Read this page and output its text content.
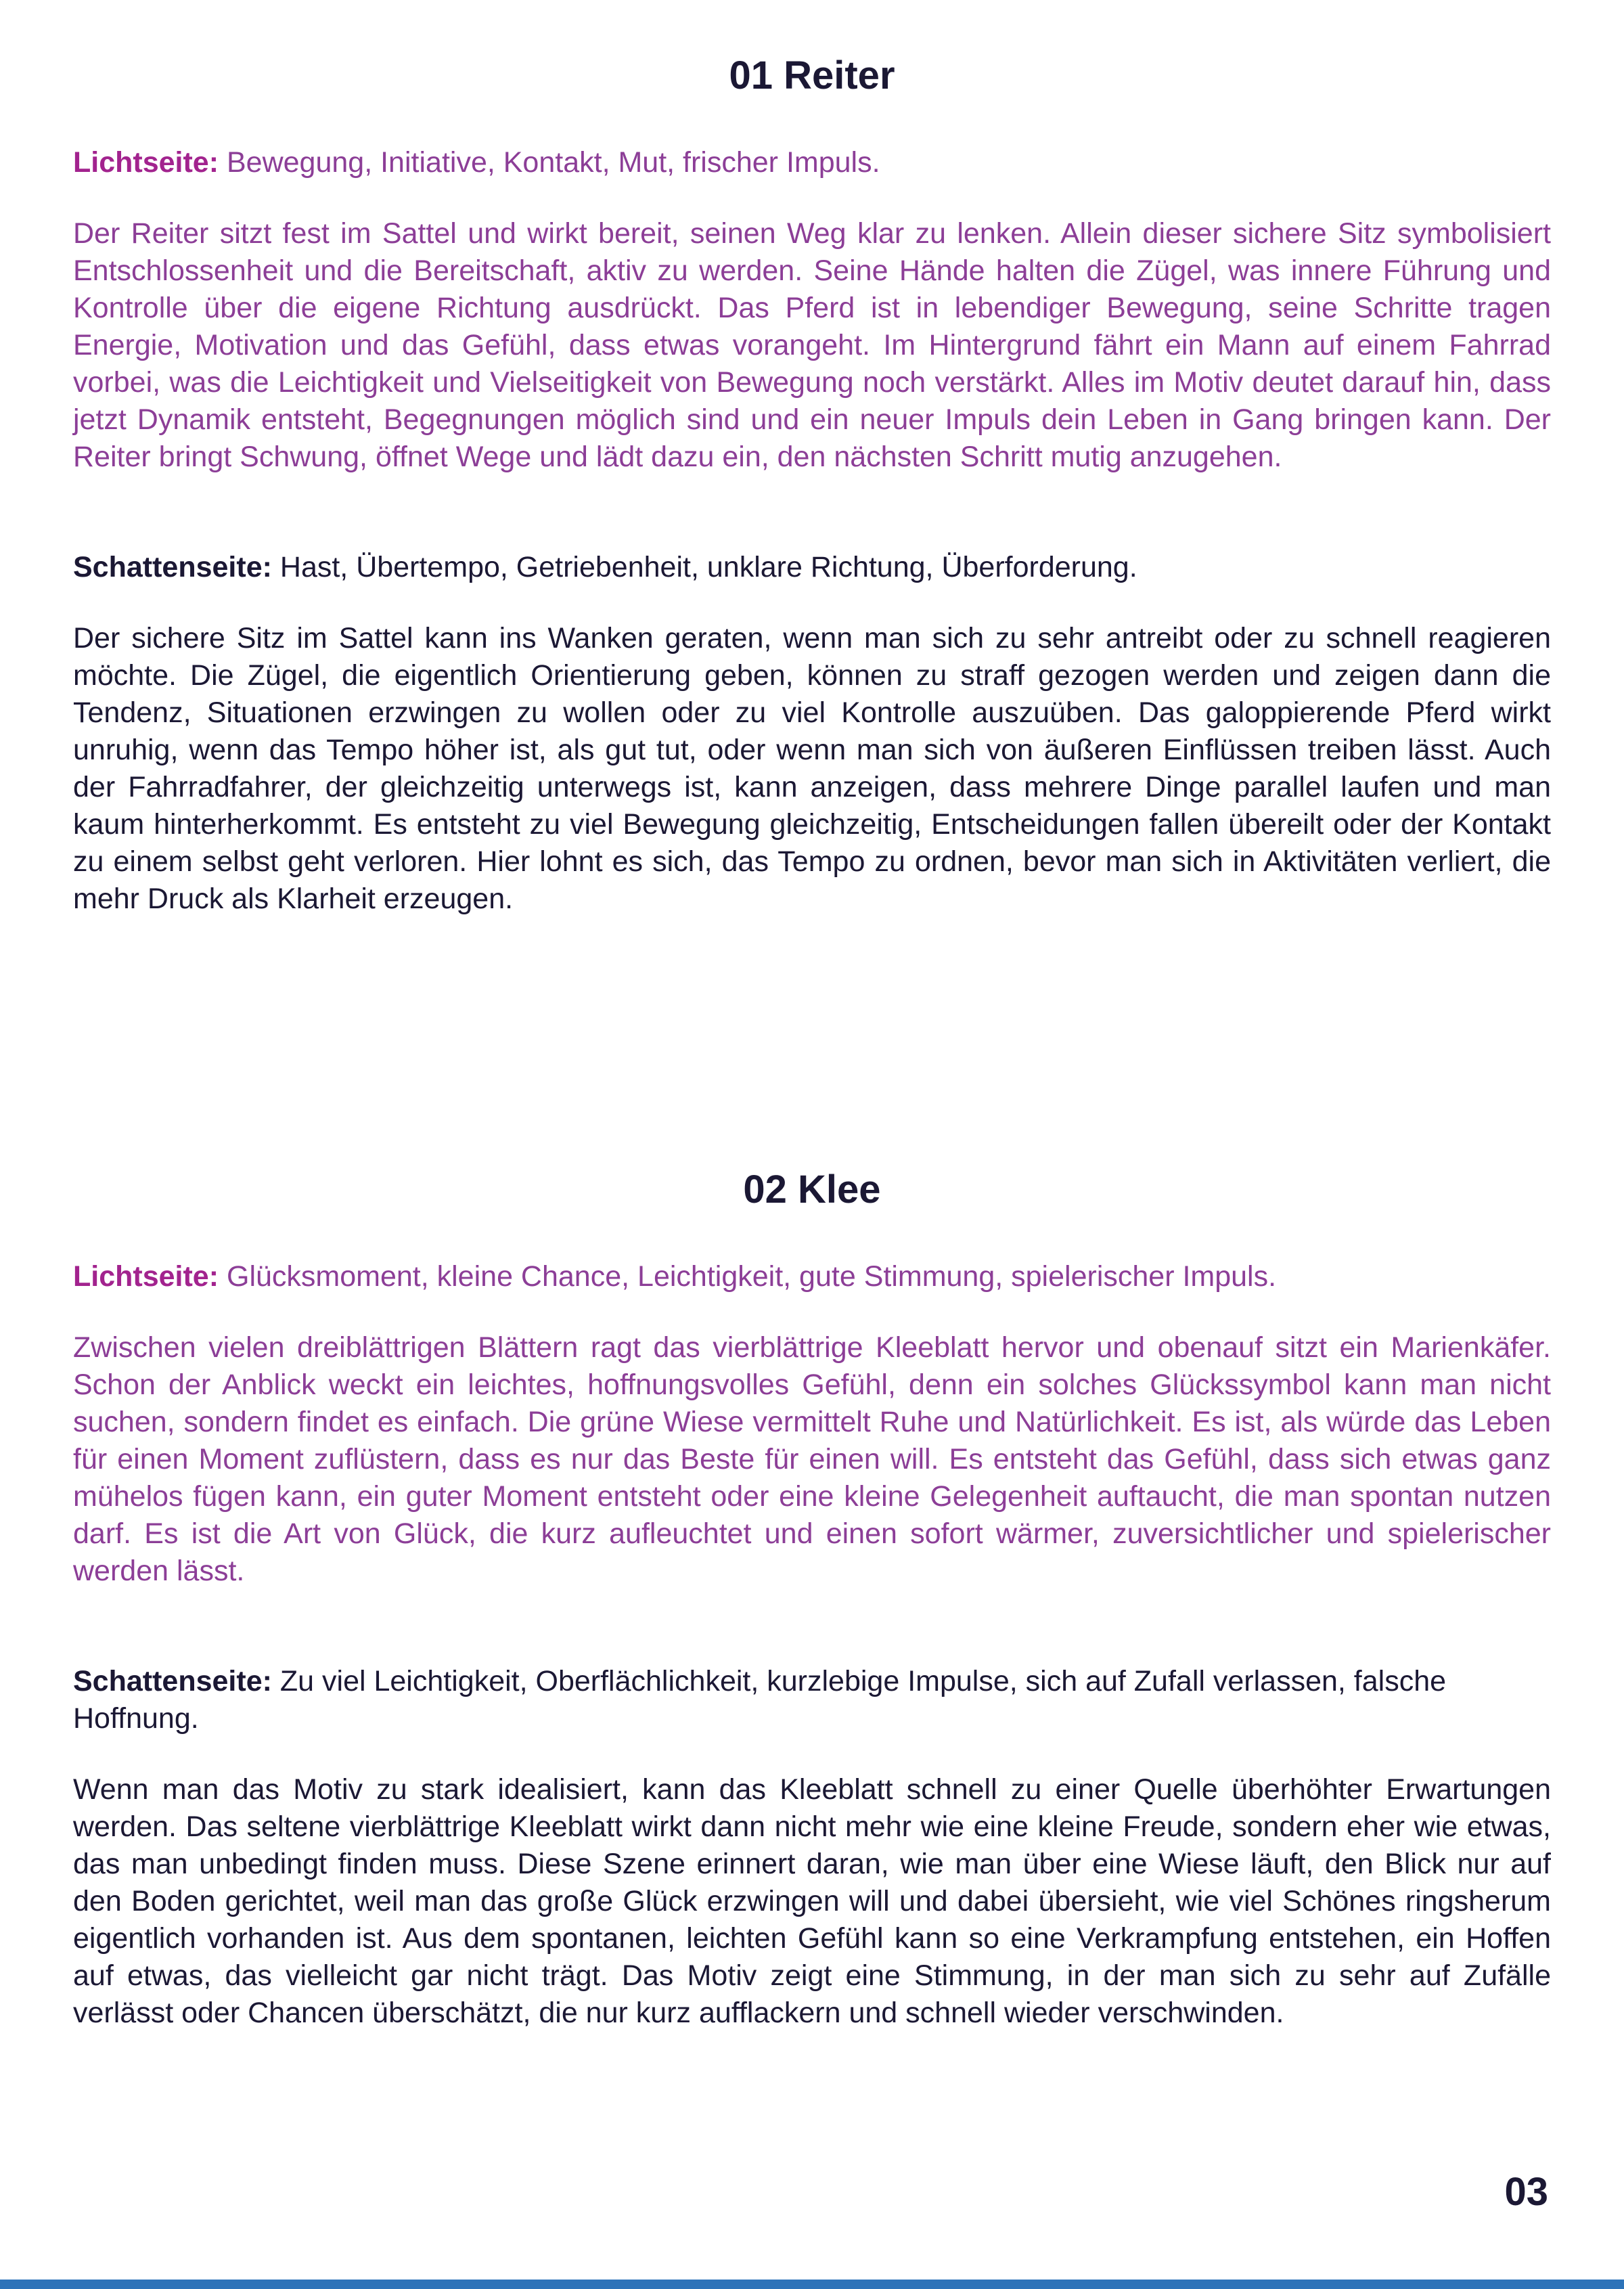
01 Reiter

Lichtseite: Bewegung, Initiative, Kontakt, Mut, frischer Impuls.

Der Reiter sitzt fest im Sattel und wirkt bereit, seinen Weg klar zu lenken. Allein dieser sichere Sitz symbolisiert Entschlossenheit und die Bereitschaft, aktiv zu werden. Seine Hände halten die Zügel, was innere Führung und Kontrolle über die eigene Richtung ausdrückt. Das Pferd ist in lebendiger Bewegung, seine Schritte tragen Energie, Motivation und das Gefühl, dass etwas vorangeht. Im Hintergrund fährt ein Mann auf einem Fahrrad vorbei, was die Leichtigkeit und Vielseitigkeit von Bewegung noch verstärkt. Alles im Motiv deutet darauf hin, dass jetzt Dynamik entsteht, Begegnungen möglich sind und ein neuer Impuls dein Leben in Gang bringen kann. Der Reiter bringt Schwung, öffnet Wege und lädt dazu ein, den nächsten Schritt mutig anzugehen.

Schattenseite: Hast, Übertempo, Getriebenheit, unklare Richtung, Überforderung.

Der sichere Sitz im Sattel kann ins Wanken geraten, wenn man sich zu sehr antreibt oder zu schnell reagieren möchte. Die Zügel, die eigentlich Orientierung geben, können zu straff gezogen werden und zeigen dann die Tendenz, Situationen erzwingen zu wollen oder zu viel Kontrolle auszuüben. Das galoppierende Pferd wirkt unruhig, wenn das Tempo höher ist, als gut tut, oder wenn man sich von äußeren Einflüssen treiben lässt. Auch der Fahrradfahrer, der gleichzeitig unterwegs ist, kann anzeigen, dass mehrere Dinge parallel laufen und man kaum hinterherkommt. Es entsteht zu viel Bewegung gleichzeitig, Entscheidungen fallen übereilt oder der Kontakt zu einem selbst geht verloren. Hier lohnt es sich, das Tempo zu ordnen, bevor man sich in Aktivitäten verliert, die mehr Druck als Klarheit erzeugen.

02 Klee

Lichtseite: Glücksmoment, kleine Chance, Leichtigkeit, gute Stimmung, spielerischer Impuls.

Zwischen vielen dreiblättrigen Blättern ragt das vierblättrige Kleeblatt hervor und obenauf sitzt ein Marienkäfer. Schon der Anblick weckt ein leichtes, hoffnungsvolles Gefühl, denn ein solches Glückssymbol kann man nicht suchen, sondern findet es einfach. Die grüne Wiese vermittelt Ruhe und Natürlichkeit. Es ist, als würde das Leben für einen Moment zuflüstern, dass es nur das Beste für einen will. Es entsteht das Gefühl, dass sich etwas ganz mühelos fügen kann, ein guter Moment entsteht oder eine kleine Gelegenheit auftaucht, die man spontan nutzen darf. Es ist die Art von Glück, die kurz aufleuchtet und einen sofort wärmer, zuversichtlicher und spielerischer werden lässt.

Schattenseite: Zu viel Leichtigkeit, Oberflächlichkeit, kurzlebige Impulse, sich auf Zufall verlassen, falsche Hoffnung.

Wenn man das Motiv zu stark idealisiert, kann das Kleeblatt schnell zu einer Quelle überhöhter Erwartungen werden. Das seltene vierblättrige Kleeblatt wirkt dann nicht mehr wie eine kleine Freude, sondern eher wie etwas, das man unbedingt finden muss. Diese Szene erinnert daran, wie man über eine Wiese läuft, den Blick nur auf den Boden gerichtet, weil man das große Glück erzwingen will und dabei übersieht, wie viel Schönes ringsherum eigentlich vorhanden ist. Aus dem spontanen, leichten Gefühl kann so eine Verkrampfung entstehen, ein Hoffen auf etwas, das vielleicht gar nicht trägt. Das Motiv zeigt eine Stimmung, in der man sich zu sehr auf Zufälle verlässt oder Chancen überschätzt, die nur kurz aufflackern und schnell wieder verschwinden.

03
